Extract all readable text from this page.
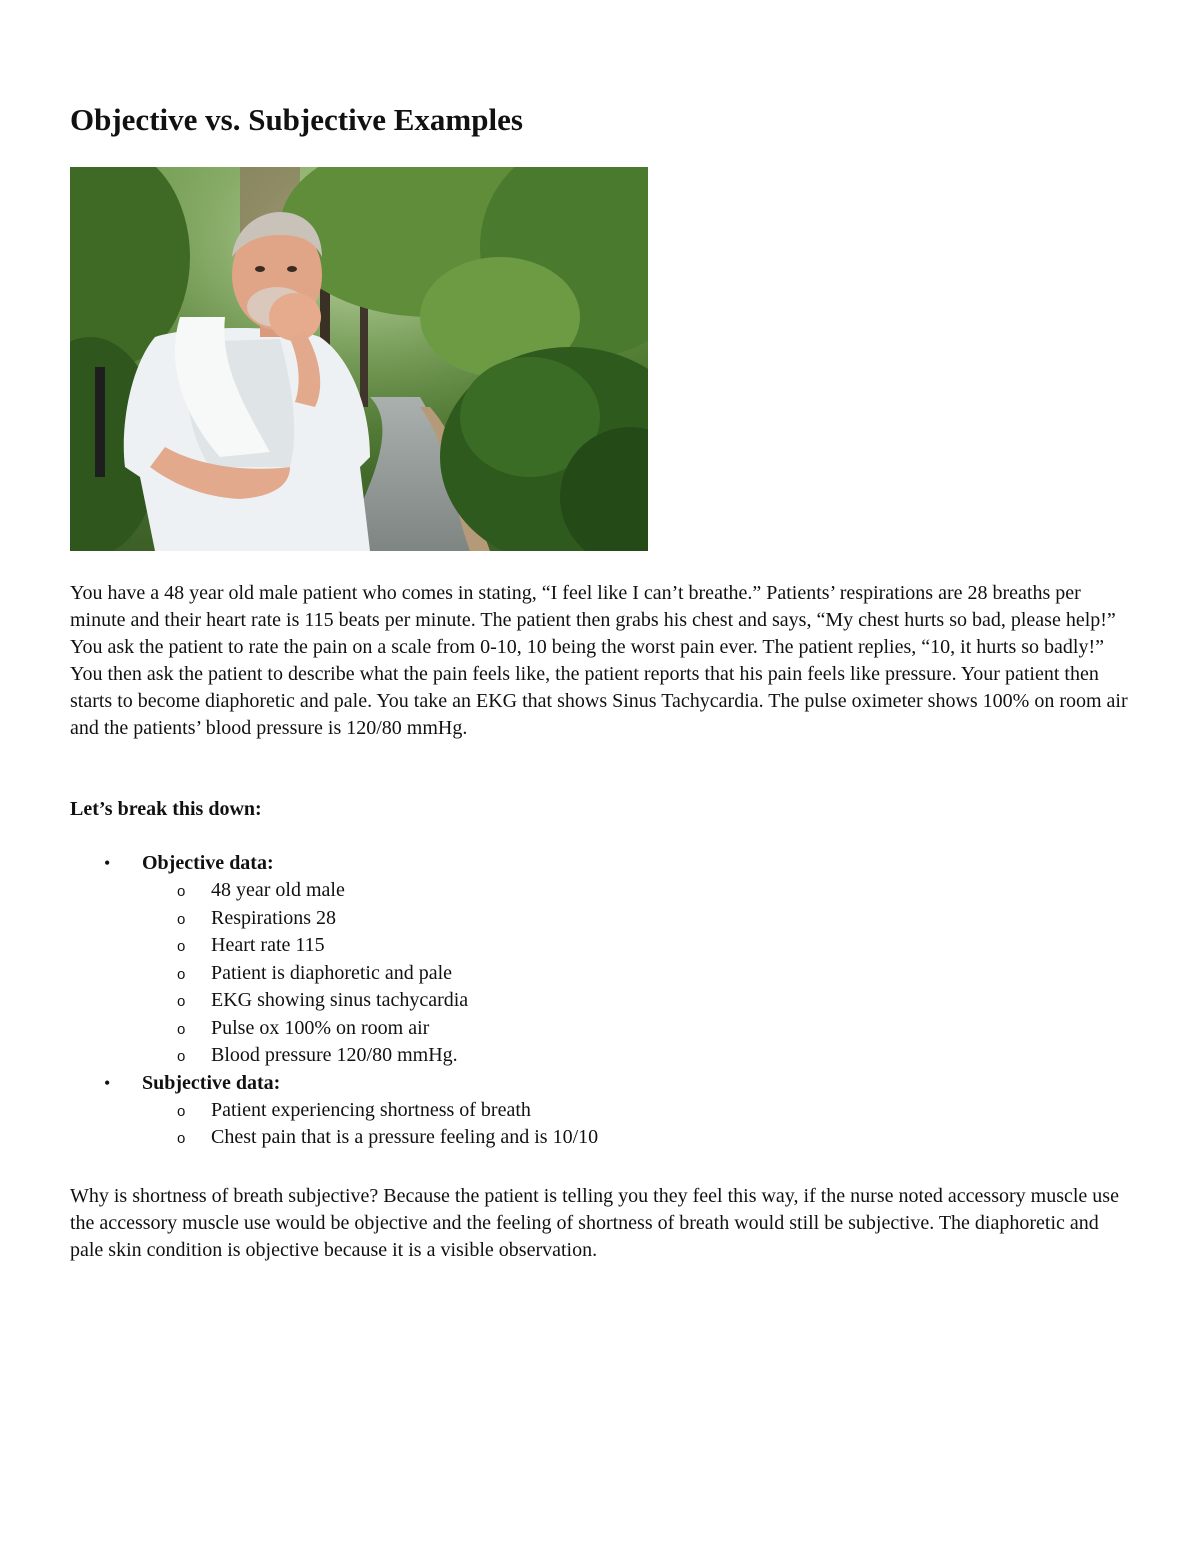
Objective vs. Subjective Examples

You have a 48 year old male patient who comes in stating, “I feel like I can’t breathe.” Patients’ respirations are 28 breaths per minute and their heart rate is 115 beats per minute. The patient then grabs his chest and says, “My chest hurts so bad, please help!” You ask the patient to rate the pain on a scale from 0-10, 10 being the worst pain ever. The patient replies, “10, it hurts so badly!” You then ask the patient to describe what the pain feels like, the patient reports that his pain feels like pressure. Your patient then starts to become diaphoretic and pale. You take an EKG that shows Sinus Tachycardia. The pulse oximeter shows 100% on room air and the patients’ blood pressure is 120/80 mmHg.

Let’s break this down:

• Objective data:
o 48 year old male
o Respirations 28
o Heart rate 115
o Patient is diaphoretic and pale
o EKG showing sinus tachycardia
o Pulse ox 100% on room air
o Blood pressure 120/80 mmHg.
• Subjective data:
o Patient experiencing shortness of breath
o Chest pain that is a pressure feeling and is 10/10

Why is shortness of breath subjective? Because the patient is telling you they feel this way, if the nurse noted accessory muscle use the accessory muscle use would be objective and the feeling of shortness of breath would still be subjective. The diaphoretic and pale skin condition is objective because it is a visible observation.
